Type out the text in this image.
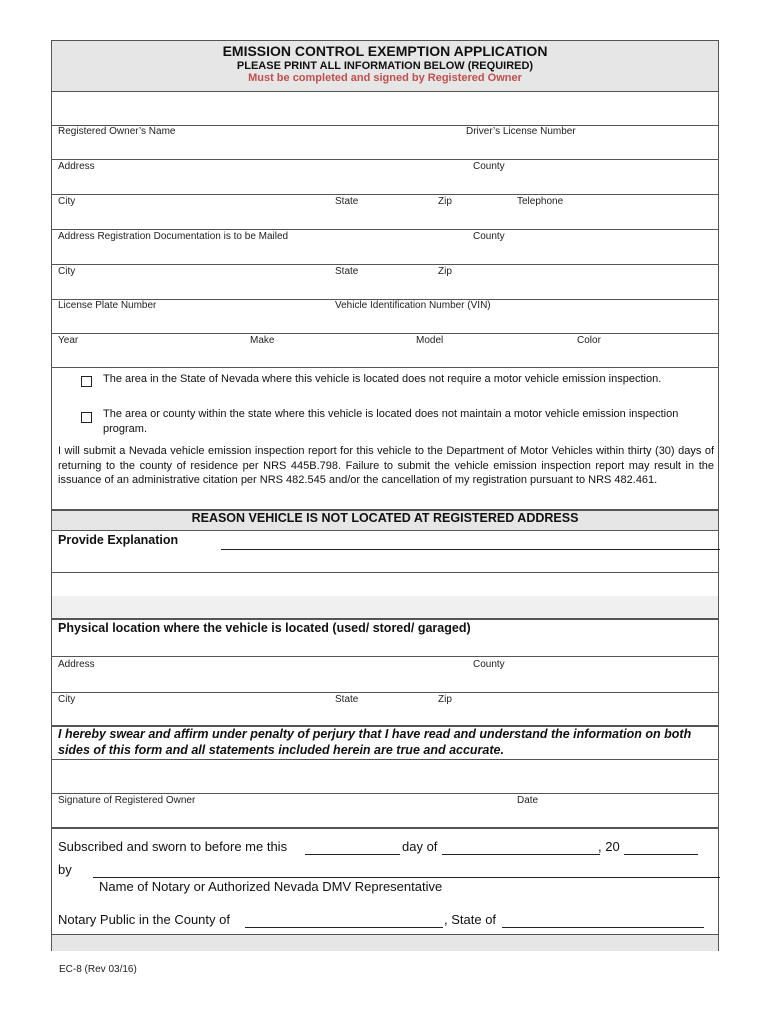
EMISSION CONTROL EXEMPTION APPLICATION
PLEASE PRINT ALL INFORMATION BELOW (REQUIRED)
Must be completed and signed by Registered Owner
Registered Owner’s Name	Driver’s License Number
Address	County
City	State	Zip	Telephone
Address Registration Documentation is to be Mailed	County
City	State	Zip
License Plate Number	Vehicle Identification Number (VIN)
Year	Make	Model	Color
The area in the State of Nevada where this vehicle is located does not require a motor vehicle emission inspection.
The area or county within the state where this vehicle is located does not maintain a motor vehicle emission inspection program.
I will submit a Nevada vehicle emission inspection report for this vehicle to the Department of Motor Vehicles within thirty (30) days of returning to the county of residence per NRS 445B.798. Failure to submit the vehicle emission inspection report may result in the issuance of an administrative citation per NRS 482.545 and/or the cancellation of my registration pursuant to NRS 482.461.
REASON VEHICLE IS NOT LOCATED AT REGISTERED ADDRESS
Provide Explanation
Physical location where the vehicle is located (used/ stored/ garaged)
Address	County
City	State	Zip
I hereby swear and affirm under penalty of perjury that I have read and understand the information on both sides of this form and all statements included herein are true and accurate.
Signature of Registered Owner	Date
Subscribed and sworn to before me this	day of	, 20
by
Name of Notary or Authorized Nevada DMV Representative
Notary Public in the County of	, State of
EC-8 (Rev 03/16)
